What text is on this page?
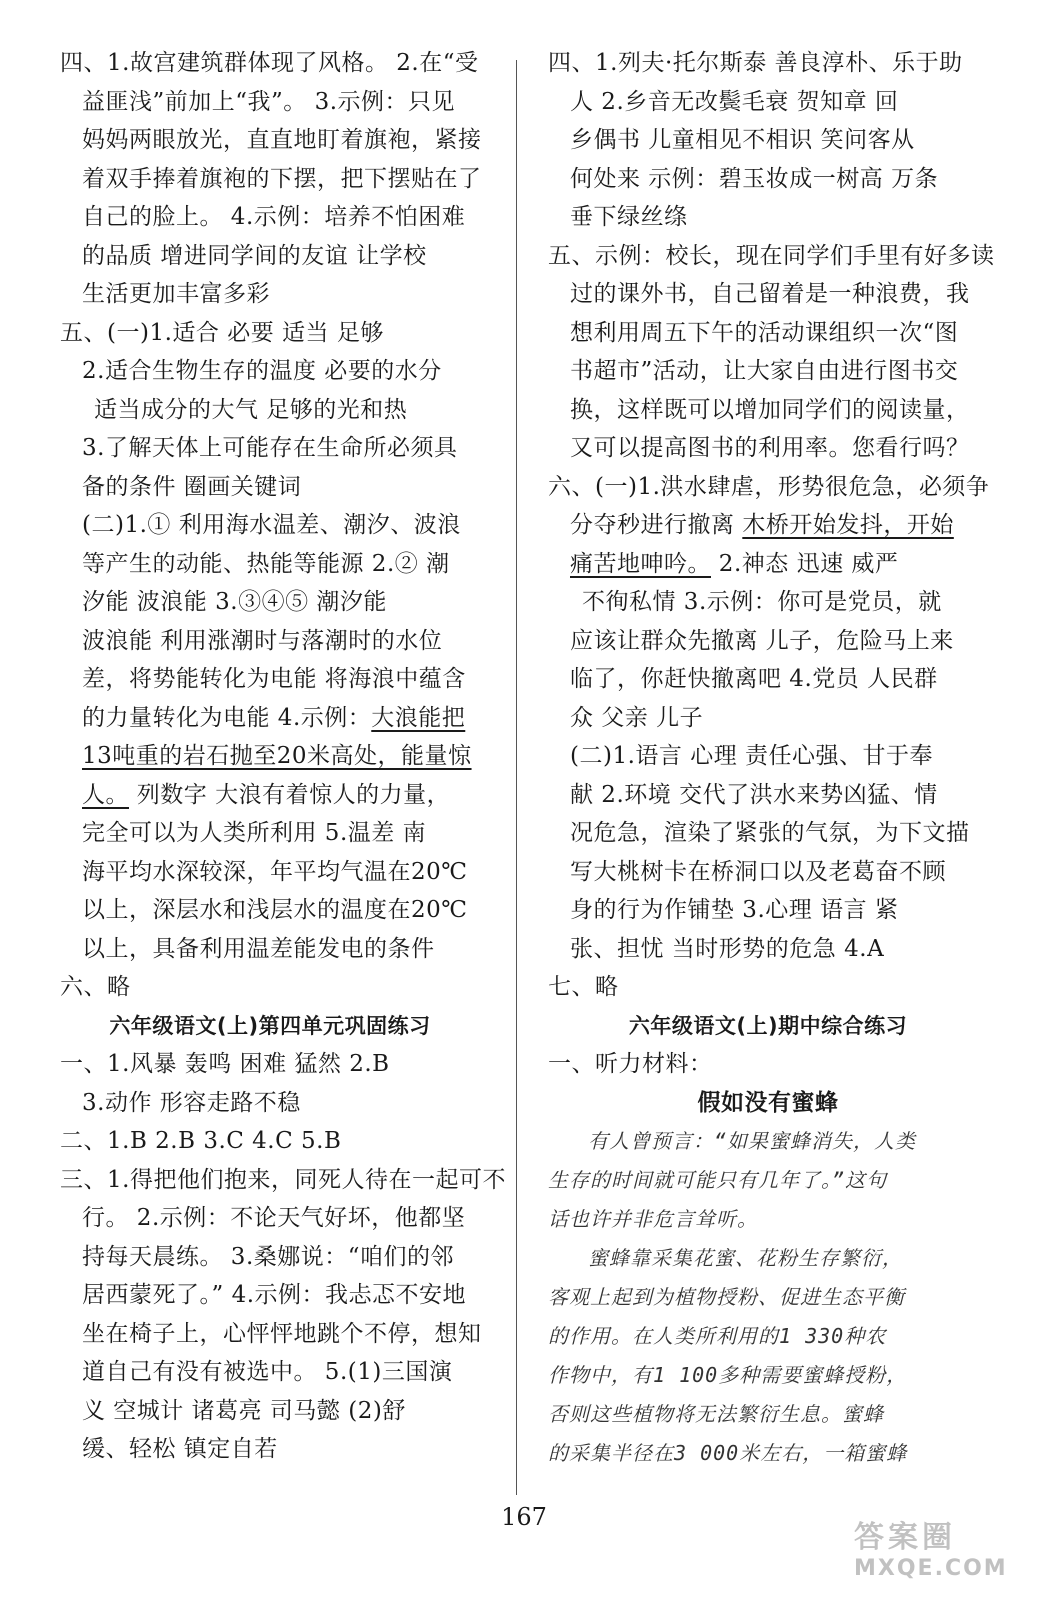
四、1.故宫建筑群体现了风格。 2.在“受
益匪浅”前加上“我”。 3.示例：只见
妈妈两眼放光，直直地盯着旗袍，紧接
着双手捧着旗袍的下摆，把下摆贴在了
自己的脸上。 4.示例：培养不怕困难
的品质 增进同学间的友谊 让学校
生活更加丰富多彩
五、(一)1.适合 必要 适当 足够
2.适合生物生存的温度 必要的水分
适当成分的大气 足够的光和热
3.了解天体上可能存在生命所必须具
备的条件 圈画关键词
(二)1.① 利用海水温差、潮汐、波浪
等产生的动能、热能等能源 2.② 潮
汐能 波浪能 3.③④⑤ 潮汐能
波浪能 利用涨潮时与落潮时的水位
差，将势能转化为电能 将海浪中蕴含
的力量转化为电能 4.示例：大浪能把
13吨重的岩石抛至20米高处，能量惊
人。 列数字 大浪有着惊人的力量，
完全可以为人类所利用 5.温差 南
海平均水深较深，年平均气温在20℃
以上，深层水和浅层水的温度在20℃
以上，具备利用温差能发电的条件
六、略
六年级语文(上)第四单元巩固练习
一、1.风暴 轰鸣 困难 猛然 2.B
3.动作 形容走路不稳
二、1.B 2.B 3.C 4.C 5.B
三、1.得把他们抱来，同死人待在一起可不
行。 2.示例：不论天气好坏，他都坚
持每天晨练。 3.桑娜说：“咱们的邻
居西蒙死了。” 4.示例：我忐忑不安地
坐在椅子上，心怦怦地跳个不停，想知
道自己有没有被选中。 5.(1)三国演
义 空城计 诸葛亮 司马懿 (2)舒
缓、轻松 镇定自若
四、1.列夫·托尔斯泰 善良淳朴、乐于助
人 2.乡音无改鬓毛衰 贺知章 回
乡偶书 儿童相见不相识 笑问客从
何处来 示例：碧玉妆成一树高 万条
垂下绿丝绦
五、示例：校长，现在同学们手里有好多读
过的课外书，自己留着是一种浪费，我
想利用周五下午的活动课组织一次“图
书超市”活动，让大家自由进行图书交
换，这样既可以增加同学们的阅读量，
又可以提高图书的利用率。您看行吗？
六、(一)1.洪水肆虐，形势很危急，必须争
分夺秒进行撤离 木桥开始发抖，开始
痛苦地呻吟。 2.神态 迅速 威严
不徇私情 3.示例：你可是党员，就
应该让群众先撤离 儿子，危险马上来
临了，你赶快撤离吧 4.党员 人民群
众 父亲 儿子
(二)1.语言 心理 责任心强、甘于奉
献 2.环境 交代了洪水来势凶猛、情
况危急，渲染了紧张的气氛，为下文描
写大桃树卡在桥洞口以及老葛奋不顾
身的行为作铺垫 3.心理 语言 紧
张、担忧 当时形势的危急 4.A
七、略
六年级语文(上)期中综合练习
一、听力材料：
假如没有蜜蜂
有人曾预言：“如果蜜蜂消失，人类
生存的时间就可能只有几年了。”这句
话也许并非危言耸听。
蜜蜂靠采集花蜜、花粉生存繁衍，
客观上起到为植物授粉、促进生态平衡
的作用。在人类所利用的1 330种农
作物中，有1 100多种需要蜜蜂授粉，
否则这些植物将无法繁衍生息。蜜蜂
的采集半径在3 000米左右，一箱蜜蜂
167
答案圈
MXQE.COM
